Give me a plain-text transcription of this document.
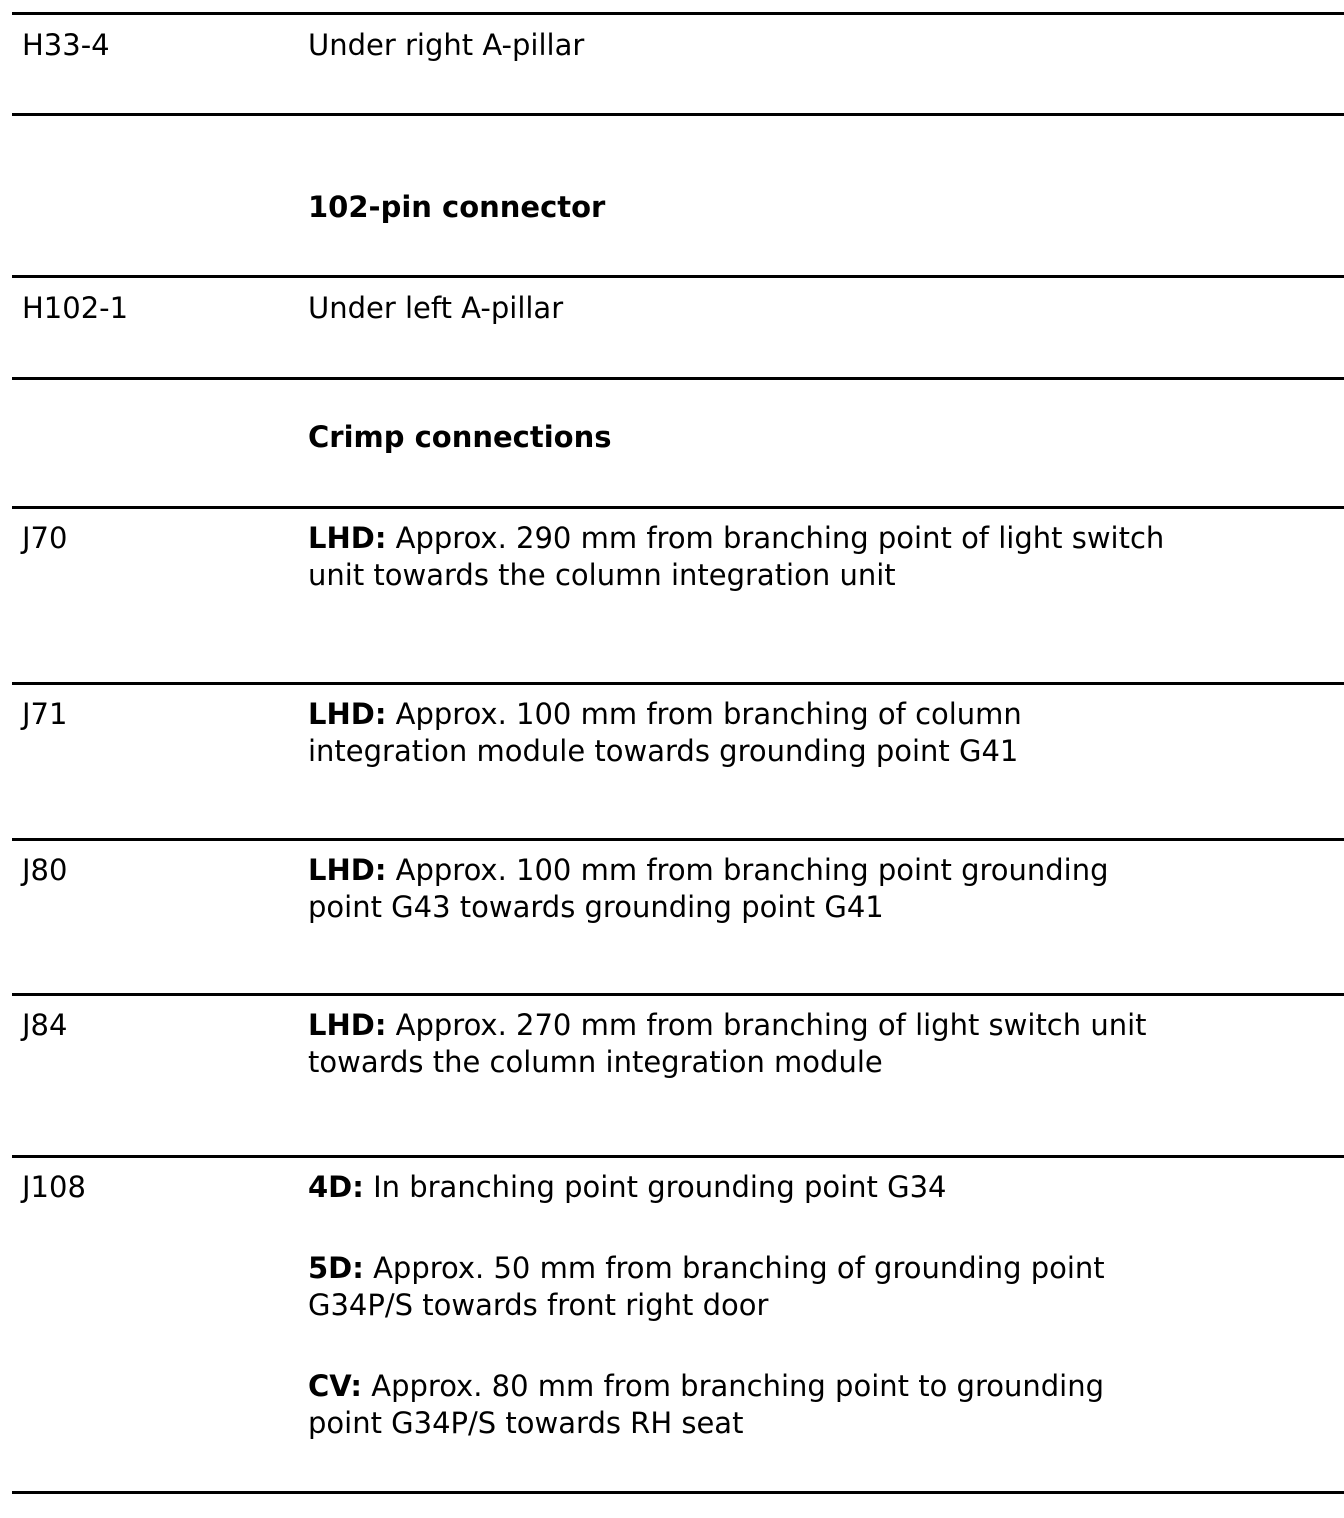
H33-4	Under right A-pillar
102-pin connector
H102-1	Under left A-pillar
Crimp connections
J70	LHD: Approx. 290 mm from branching point of light switch unit towards the column integration unit
J71	LHD: Approx. 100 mm from branching of column integration module towards grounding point G41
J80	LHD: Approx. 100 mm from branching point grounding point G43 towards grounding point G41
J84	LHD: Approx. 270 mm from branching of light switch unit towards the column integration module
J108	4D: In branching point grounding point G34

5D: Approx. 50 mm from branching of grounding point G34P/S towards front right door

CV: Approx. 80 mm from branching point to grounding point G34P/S towards RH seat
